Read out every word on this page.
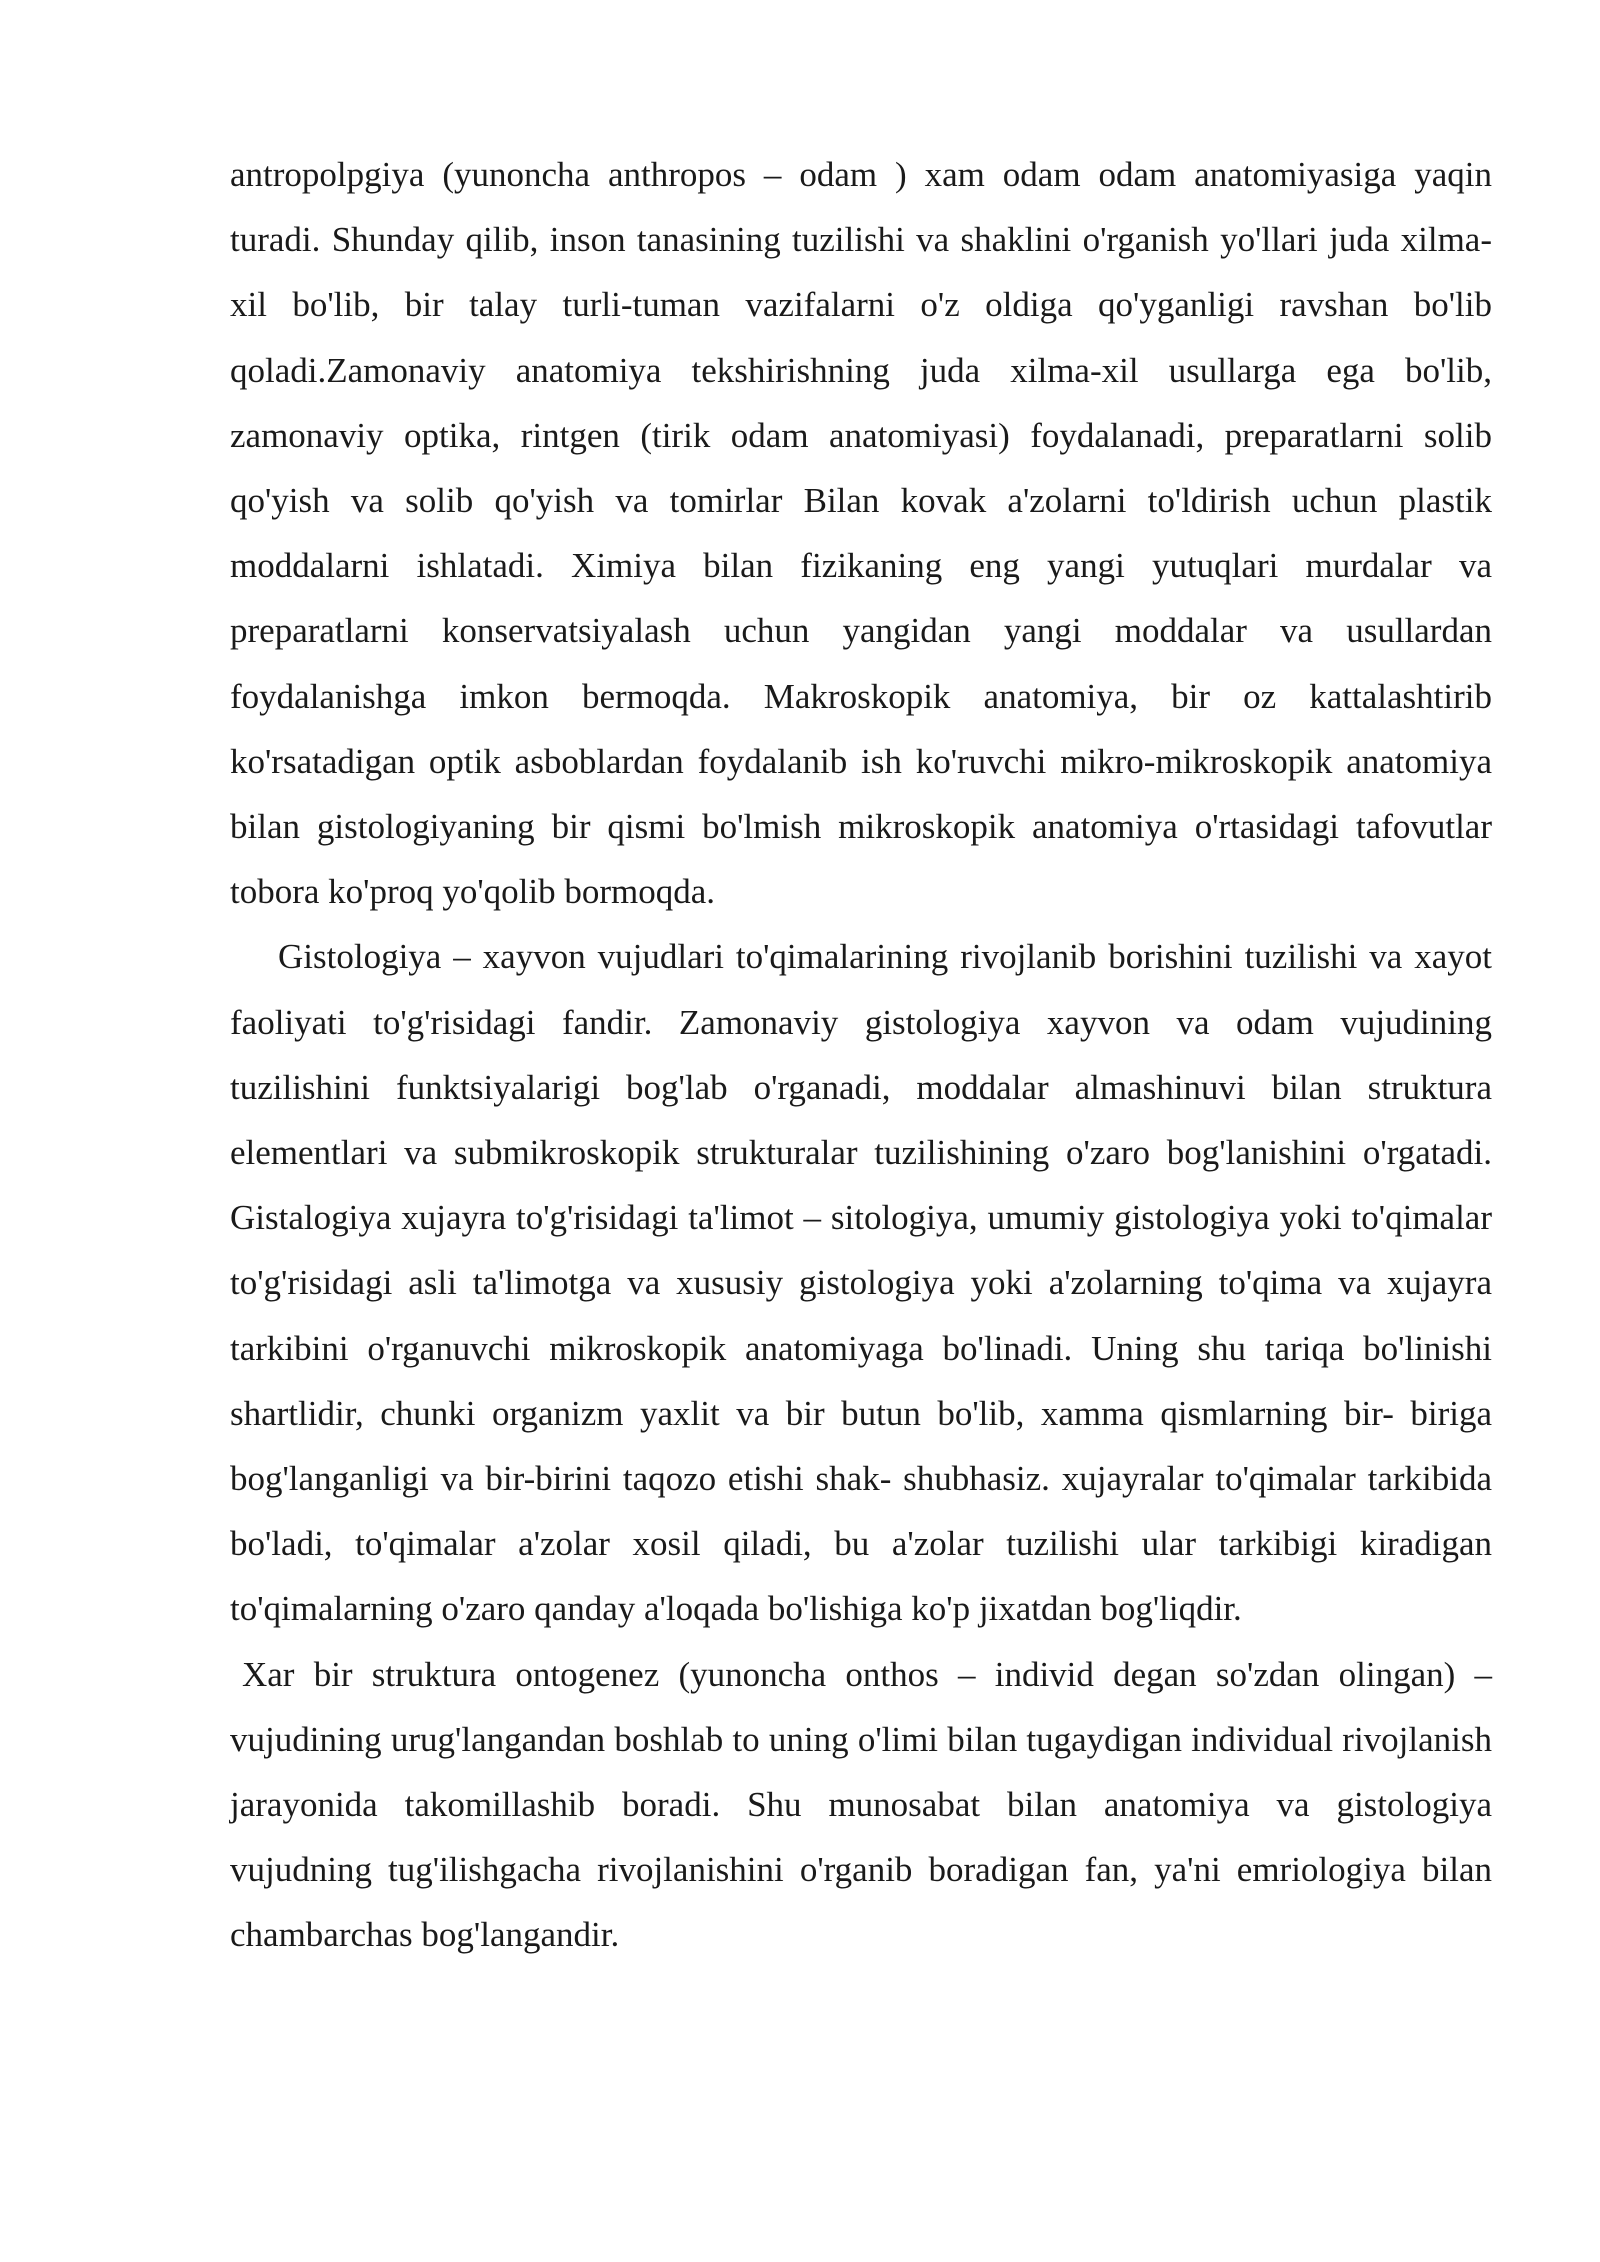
antropolpgiya (yunoncha anthropos – odam ) xam odam odam anatomiyasiga yaqin turadi. Shunday qilib, inson tanasining tuzilishi va shaklini o'rganish yo'llari juda xilma-xil bo'lib, bir talay turli-tuman vazifalarni o'z oldiga qo'yganligi ravshan bo'lib qoladi.Zamonaviy anatomiya tekshirishning juda xilma-xil usullarga ega bo'lib, zamonaviy optika, rintgen (tirik odam anatomiyasi) foydalanadi, preparatlarni solib qo'yish va solib qo'yish va tomirlar Bilan kovak a'zolarni to'ldirish uchun plastik moddalarni ishlatadi. Ximiya bilan fizikaning eng yangi yutuqlari murdalar va preparatlarni konservatsiyalash uchun yangidan yangi moddalar va usullardan foydalanishga imkon bermoqda. Makroskopik anatomiya, bir oz kattalashtirib ko'rsatadigan optik asboblardan foydalanib ish ko'ruvchi mikro-mikroskopik anatomiya bilan gistologiyaning bir qismi bo'lmish mikroskopik anatomiya o'rtasidagi tafovutlar tobora ko'proq yo'qolib bormoqda.

Gistologiya – xayvon vujudlari to'qimalarining rivojlanib borishini tuzilishi va xayot faoliyati to'g'risidagi fandir. Zamonaviy gistologiya xayvon va odam vujudining tuzilishini funktsiyalarigi bog'lab o'rganadi, moddalar almashinuvi bilan struktura elementlari va submikroskopik strukturalar tuzilishining o'zaro bog'lanishini o'rgatadi. Gistalogiya xujayra to'g'risidagi ta'limot – sitologiya, umumiy gistologiya yoki to'qimalar to'g'risidagi asli ta'limotga va xususiy gistologiya yoki a'zolarning to'qima va xujayra tarkibini o'rganuvchi mikroskopik anatomiyaga bo'linadi. Uning shu tariqa bo'linishi shartlidir, chunki organizm yaxlit va bir butun bo'lib, xamma qismlarning bir- biriga bog'langanligi va bir-birini taqozo etishi shak- shubhasiz. xujayralar to'qimalar tarkibida bo'ladi, to'qimalar a'zolar xosil qiladi, bu a'zolar tuzilishi ular tarkibigi kiradigan to'qimalarning o'zaro qanday a'loqada bo'lishiga ko'p jixatdan bog'liqdir.

Xar bir struktura ontogenez (yunoncha onthos – individ degan so'zdan olingan) – vujudining urug'langandan boshlab to uning o'limi bilan tugaydigan individual rivojlanish jarayonida takomillashib boradi. Shu munosabat bilan anatomiya va gistologiya vujudning tug'ilishgacha rivojlanishini o'rganib boradigan fan, ya'ni emriologiya bilan chambarchas bog'langandir.
